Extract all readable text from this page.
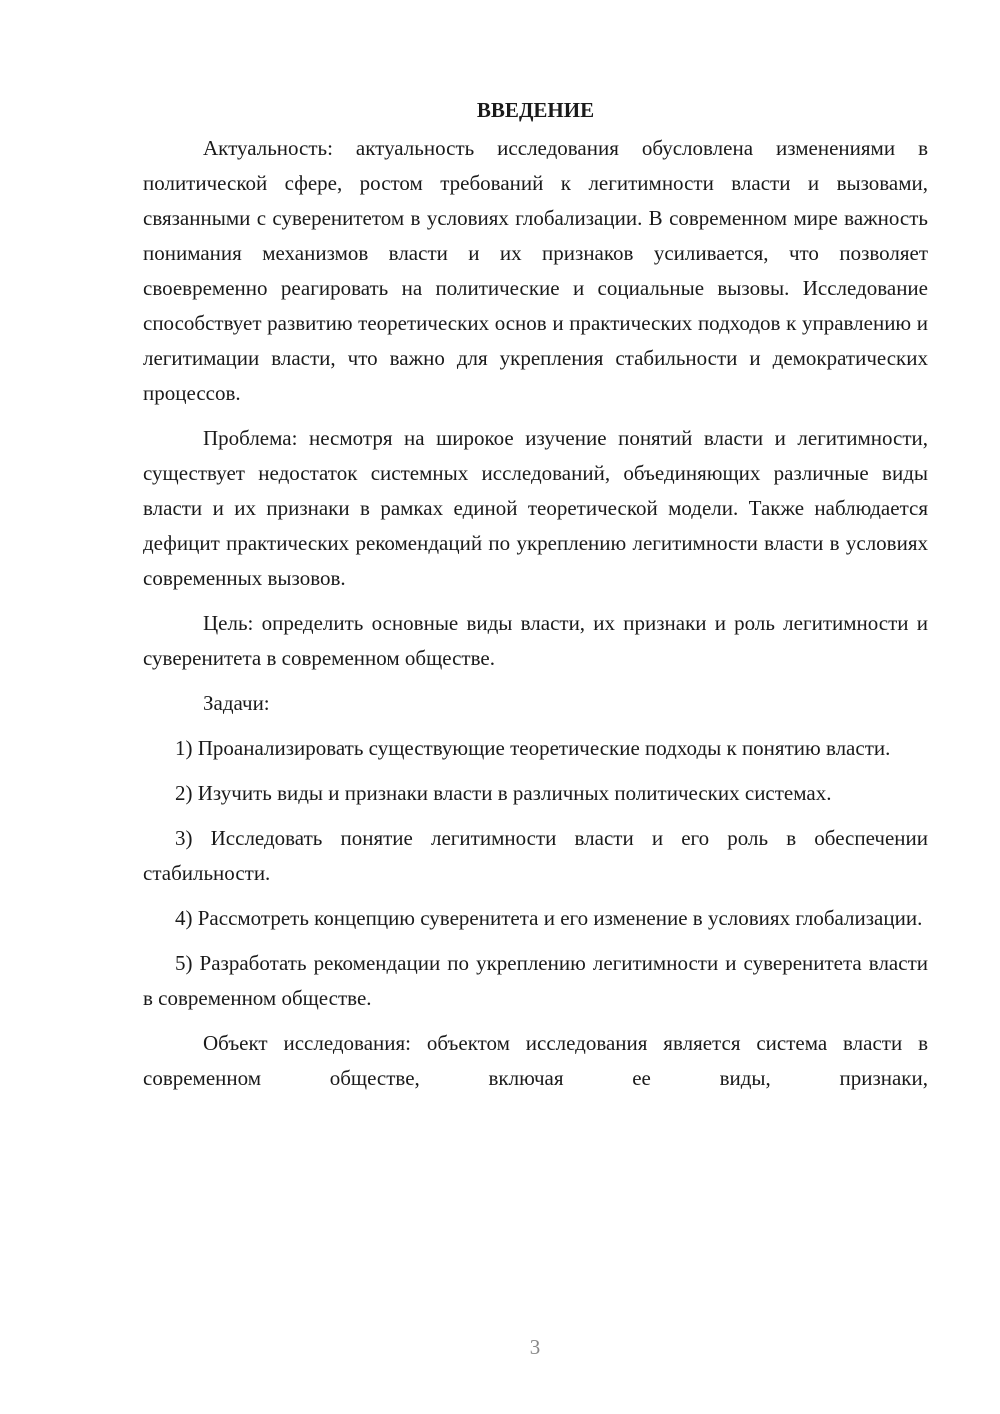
ВВЕДЕНИЕ

Актуальность: актуальность исследования обусловлена изменениями в политической сфере, ростом требований к легитимности власти и вызовами, связанными с суверенитетом в условиях глобализации. В современном мире важность понимания механизмов власти и их признаков усиливается, что позволяет своевременно реагировать на политические и социальные вызовы. Исследование способствует развитию теоретических основ и практических подходов к управлению и легитимации власти, что важно для укрепления стабильности и демократических процессов.

Проблема: несмотря на широкое изучение понятий власти и легитимности, существует недостаток системных исследований, объединяющих различные виды власти и их признаки в рамках единой теоретической модели. Также наблюдается дефицит практических рекомендаций по укреплению легитимности власти в условиях современных вызовов.

Цель: определить основные виды власти, их признаки и роль легитимности и суверенитета в современном обществе.

Задачи:

1) Проанализировать существующие теоретические подходы к понятию власти.

2) Изучить виды и признаки власти в различных политических системах.

3) Исследовать понятие легитимности власти и его роль в обеспечении стабильности.

4) Рассмотреть концепцию суверенитета и его изменение в условиях глобализации.

5) Разработать рекомендации по укреплению легитимности и суверенитета власти в современном обществе.

Объект исследования: объектом исследования является система власти в современном обществе, включая ее виды, признаки,

3
